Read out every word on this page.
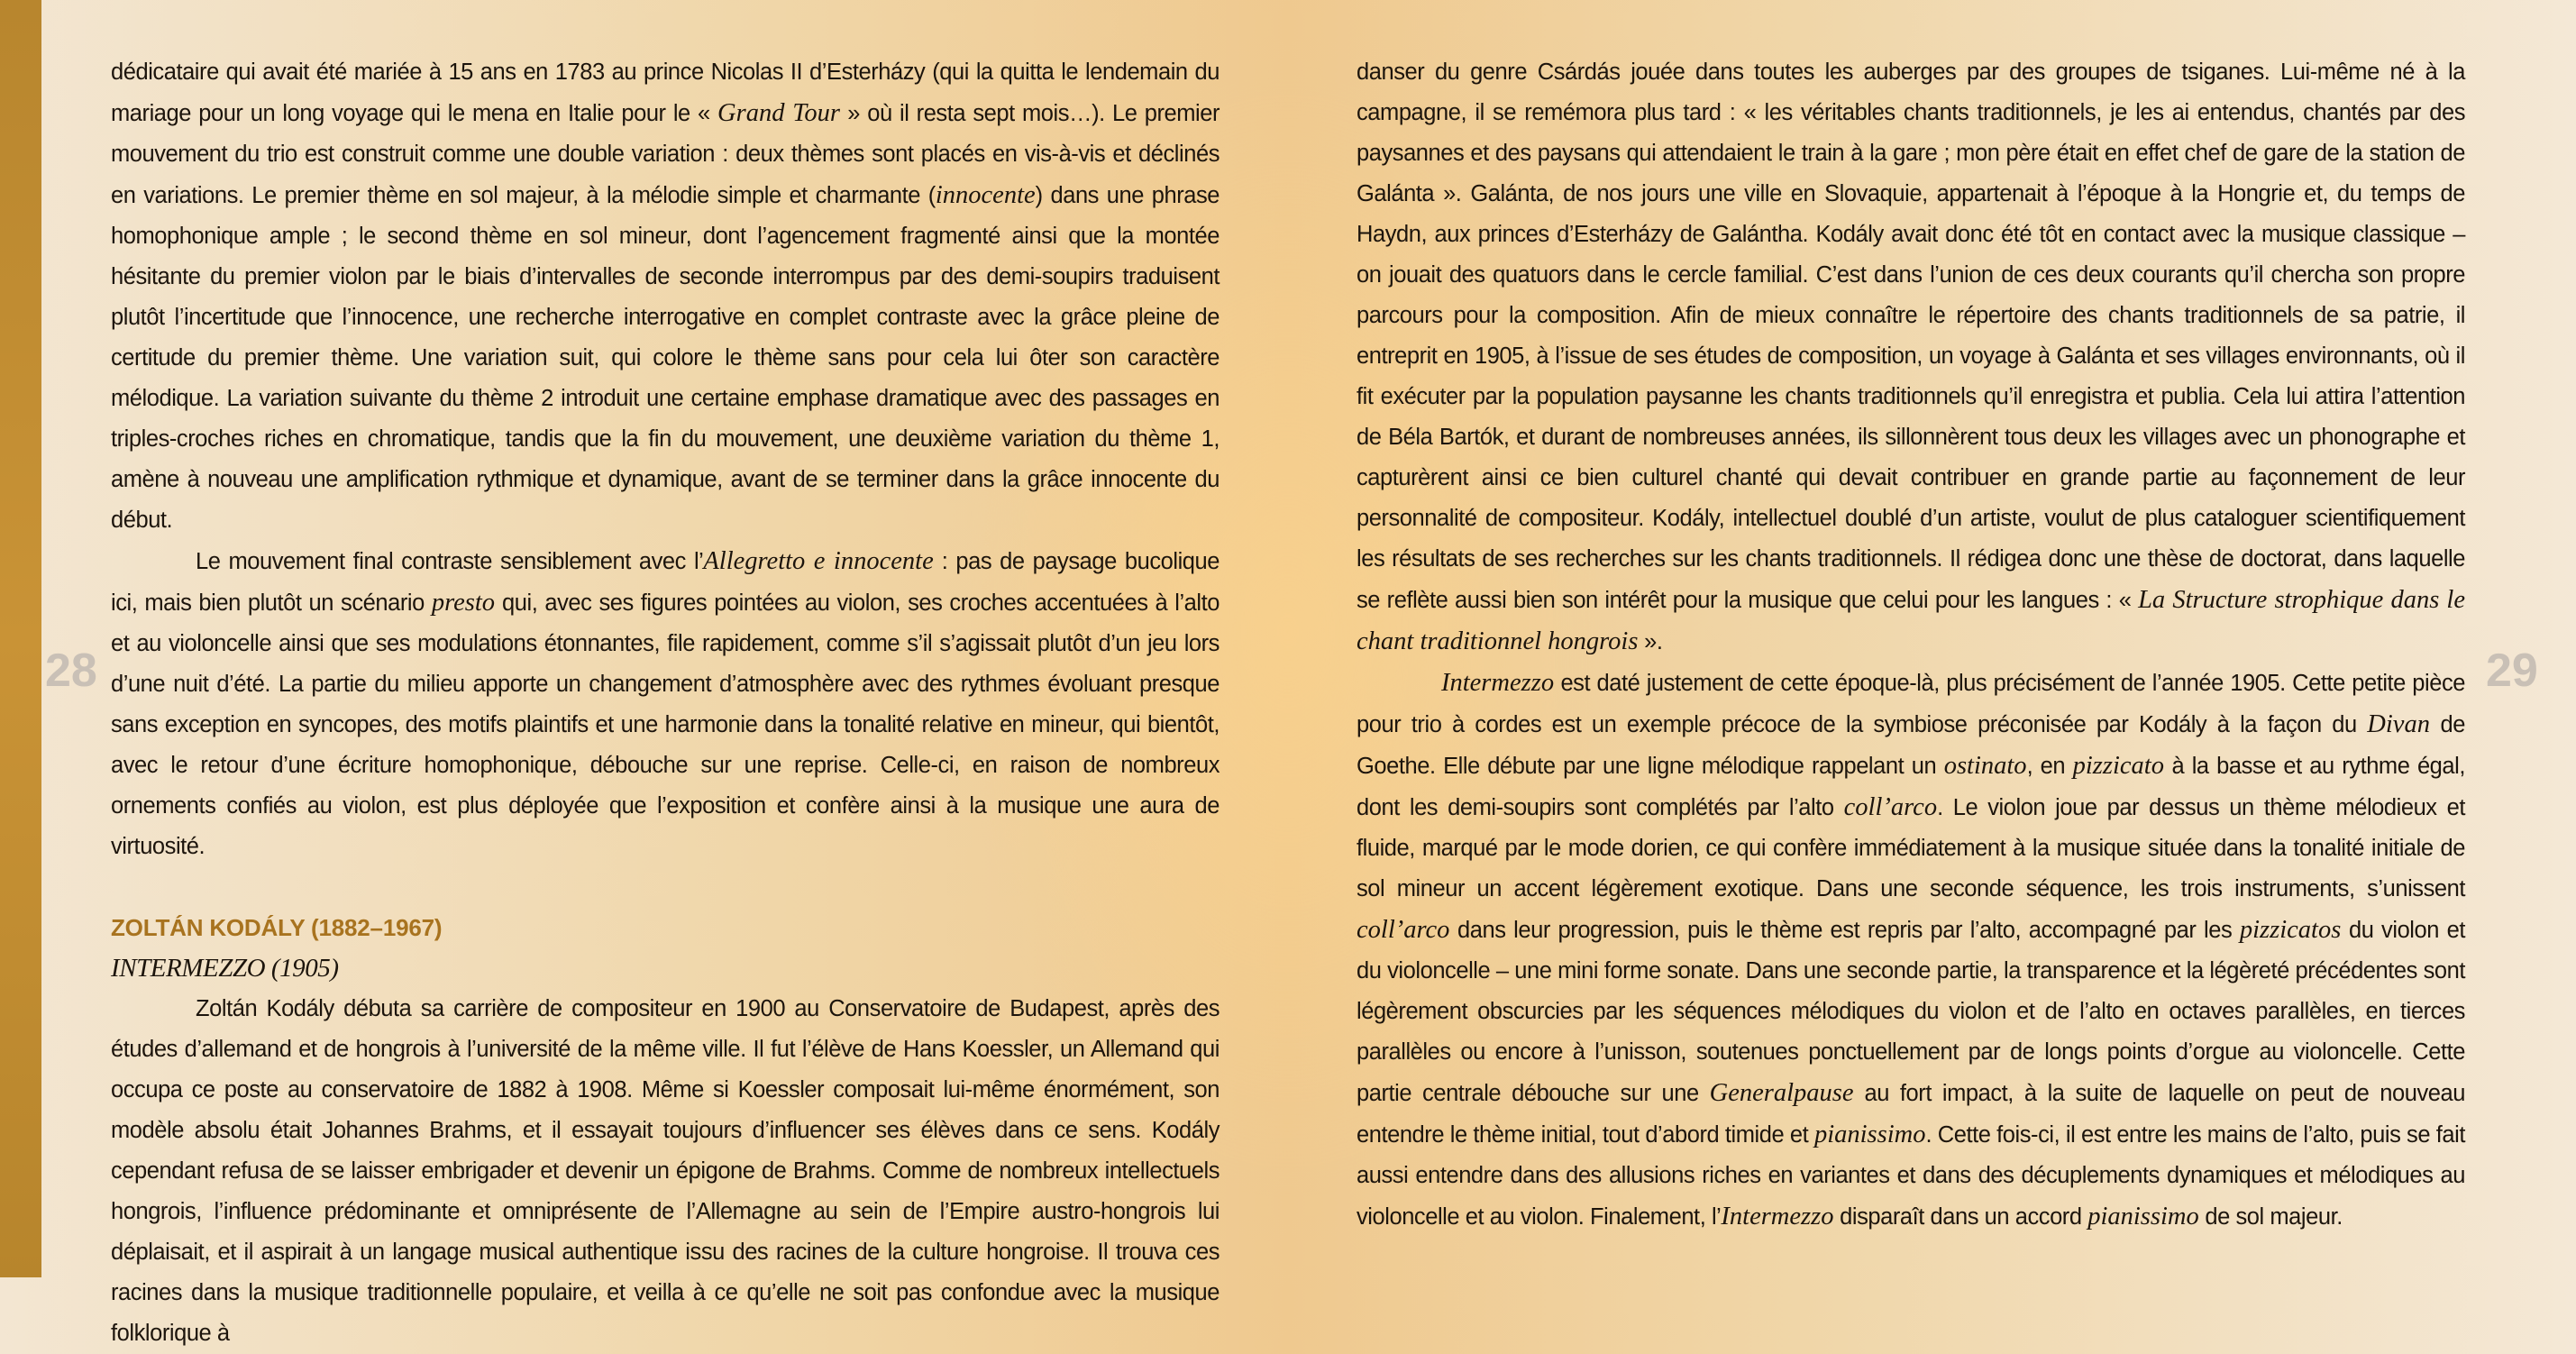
28	29

dédicataire qui avait été mariée à 15 ans en 1783 au prince Nicolas II d’Esterházy (qui la quitta le lendemain du mariage pour un long voyage qui le mena en Italie pour le « Grand Tour » où il resta sept mois…). Le premier mouvement du trio est construit comme une double variation : deux thèmes sont placés en vis-à-vis et déclinés en variations. Le premier thème en sol majeur, à la mélodie simple et charmante (innocente) dans une phrase homophonique ample ; le second thème en sol mineur, dont l’agencement fragmenté ainsi que la montée hésitante du premier violon par le biais d’intervalles de seconde interrompus par des demi-soupirs traduisent plutôt l’incertitude que l’innocence, une recherche interrogative en complet contraste avec la grâce pleine de certitude du premier thème. Une variation suit, qui colore le thème sans pour cela lui ôter son caractère mélodique. La variation suivante du thème 2 introduit une certaine emphase dramatique avec des passages en triples-croches riches en chromatique, tandis que la fin du mouvement, une deuxième variation du thème 1, amène à nouveau une amplification rythmique et dynamique, avant de se terminer dans la grâce innocente du début.

Le mouvement final contraste sensiblement avec l’Allegretto e innocente : pas de paysage bucolique ici, mais bien plutôt un scénario presto qui, avec ses figures pointées au violon, ses croches accentuées à l’alto et au violoncelle ainsi que ses modulations étonnantes, file rapidement, comme s’il s’agissait plutôt d’un jeu lors d’une nuit d’été. La partie du milieu apporte un changement d’atmosphère avec des rythmes évoluant presque sans exception en syncopes, des motifs plaintifs et une harmonie dans la tonalité relative en mineur, qui bientôt, avec le retour d’une écriture homophonique, débouche sur une reprise. Celle-ci, en raison de nombreux ornements confiés au violon, est plus déployée que l’exposition et confère ainsi à la musique une aura de virtuosité.

ZOLTÁN KODÁLY (1882–1967)

INTERMEZZO (1905)

Zoltán Kodály débuta sa carrière de compositeur en 1900 au Conservatoire de Budapest, après des études d’allemand et de hongrois à l’université de la même ville. Il fut l’élève de Hans Koessler, un Allemand qui occupa ce poste au conservatoire de 1882 à 1908. Même si Koessler composait lui-même énormément, son modèle absolu était Johannes Brahms, et il essayait toujours d’influencer ses élèves dans ce sens. Kodály cependant refusa de se laisser embrigader et devenir un épigone de Brahms. Comme de nombreux intellectuels hongrois, l’influence prédominante et omniprésente de l’Allemagne au sein de l’Empire austro-hongrois lui déplaisait, et il aspirait à un langage musical authentique issu des racines de la culture hongroise. Il trouva ces racines dans la musique traditionnelle populaire, et veilla à ce qu’elle ne soit pas confondue avec la musique folklorique à

danser du genre Csárdás jouée dans toutes les auberges par des groupes de tsiganes. Lui-même né à la campagne, il se remémora plus tard : « les véritables chants traditionnels, je les ai entendus, chantés par des paysannes et des paysans qui attendaient le train à la gare ; mon père était en effet chef de gare de la station de Galánta ». Galánta, de nos jours une ville en Slovaquie, appartenait à l’époque à la Hongrie et, du temps de Haydn, aux princes d’Esterházy de Galántha. Kodály avait donc été tôt en contact avec la musique classique – on jouait des quatuors dans le cercle familial. C’est dans l’union de ces deux courants qu’il chercha son propre parcours pour la composition. Afin de mieux connaître le répertoire des chants traditionnels de sa patrie, il entreprit en 1905, à l’issue de ses études de composition, un voyage à Galánta et ses villages environnants, où il fit exécuter par la population paysanne les chants traditionnels qu’il enregistra et publia. Cela lui attira l’attention de Béla Bartók, et durant de nombreuses années, ils sillonnèrent tous deux les villages avec un phonographe et capturèrent ainsi ce bien culturel chanté qui devait contribuer en grande partie au façonnement de leur personnalité de compositeur. Kodály, intellectuel doublé d’un artiste, voulut de plus cataloguer scientifiquement les résultats de ses recherches sur les chants traditionnels. Il rédigea donc une thèse de doctorat, dans laquelle se reflète aussi bien son intérêt pour la musique que celui pour les langues : « La Structure strophique dans le chant traditionnel hongrois ».

Intermezzo est daté justement de cette époque-là, plus précisément de l’année 1905. Cette petite pièce pour trio à cordes est un exemple précoce de la symbiose préconisée par Kodály à la façon du Divan de Goethe. Elle débute par une ligne mélodique rappelant un ostinato, en pizzicato à la basse et au rythme égal, dont les demi-soupirs sont complétés par l’alto coll’arco. Le violon joue par dessus un thème mélodieux et fluide, marqué par le mode dorien, ce qui confère immédiatement à la musique située dans la tonalité initiale de sol mineur un accent légèrement exotique. Dans une seconde séquence, les trois instruments, s’unissent coll’arco dans leur progression, puis le thème est repris par l’alto, accompagné par les pizzicatos du violon et du violoncelle – une mini forme sonate. Dans une seconde partie, la transparence et la légèreté précédentes sont légèrement obscurcies par les séquences mélodiques du violon et de l’alto en octaves parallèles, en tierces parallèles ou encore à l’unisson, soutenues ponctuellement par de longs points d’orgue au violoncelle. Cette partie centrale débouche sur une Generalpause au fort impact, à la suite de laquelle on peut de nouveau entendre le thème initial, tout d’abord timide et pianissimo. Cette fois-ci, il est entre les mains de l’alto, puis se fait aussi entendre dans des allusions riches en variantes et dans des décuplements dynamiques et mélodiques au violoncelle et au violon. Finalement, l’Intermezzo disparaît dans un accord pianissimo de sol majeur.
